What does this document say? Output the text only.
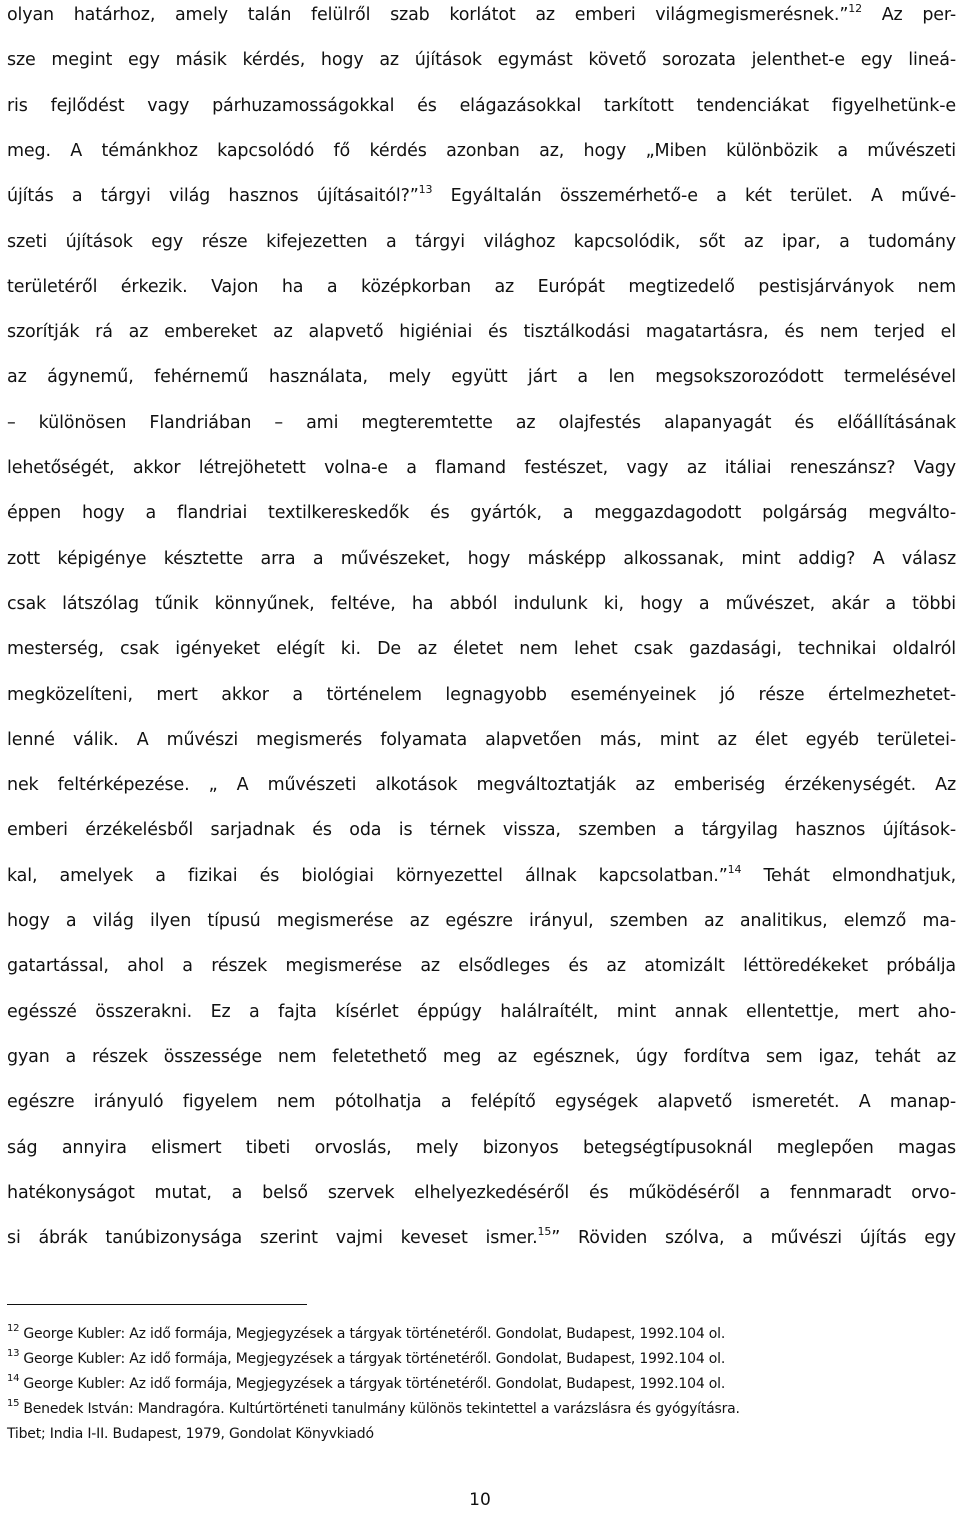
olyan határhoz, amely talán felülről szab korlátot az emberi világmegismerésnek.”$^{12}$ Az per-
sze megint egy másik kérdés, hogy az újítások egymást követő sorozata jelenthet-e egy lineá-
ris fejlődést vagy párhuzamosságokkal és elágazásokkal tarkított tendenciákat figyelhetünk-e
meg. A témánkhoz kapcsolódó fő kérdés azonban az, hogy „Miben különbözik a művészeti
újítás a tárgyi világ hasznos újításaitól?”$^{13}$ Egyáltalán összemérhető-e a két terület. A művé-
szeti újítások egy része kifejezetten a tárgyi világhoz kapcsolódik, sőt az ipar, a tudomány
területéről érkezik. Vajon ha a középkorban az Európát megtizedelő pestisjárványok nem
szorítják rá az embereket az alapvető higiéniai és tisztálkodási magatartásra, és nem terjed el
az ágynemű, fehérnemű használata, mely együtt járt a len megsokszorozódott termelésével
– különösen Flandriában – ami megteremtette az olajfestés alapanyagát és előállításának
lehetőségét, akkor létrejöhetett volna-e a flamand festészet, vagy az itáliai reneszánsz? Vagy
éppen hogy a flandriai textilkereskedők és gyártók, a meggazdagodott polgárság megválto-
zott képigénye késztette arra a művészeket, hogy másképp alkossanak, mint addig? A válasz
csak látszólag tűnik könnyűnek, feltéve, ha abból indulunk ki, hogy a művészet, akár a többi
mesterség, csak igényeket elégít ki. De az életet nem lehet csak gazdasági, technikai oldalról
megközelíteni, mert akkor a történelem legnagyobb eseményeinek jó része értelmezhetet-
lenné válik. A művészi megismerés folyamata alapvetően más, mint az élet egyéb területei-
nek feltérképezése. „ A művészeti alkotások megváltoztatják az emberiség érzékenységét. Az
emberi érzékelésből sarjadnak és oda is térnek vissza, szemben a tárgyilag hasznos újítások-
kal, amelyek a fizikai és biológiai környezettel állnak kapcsolatban.”$^{14}$ Tehát elmondhatjuk,
hogy a világ ilyen típusú megismerése az egészre irányul, szemben az analitikus, elemző ma-
gatartással, ahol a részek megismerése az elsődleges és az atomizált léttöredékeket próbálja
egésszé összerakni. Ez a fajta kísérlet éppúgy halálraítélt, mint annak ellentettje, mert aho-
gyan a részek összessége nem feletethető meg az egésznek, úgy fordítva sem igaz, tehát az
egészre irányuló figyelem nem pótolhatja a felépítő egységek alapvető ismeretét. A manap-
ság annyira elismert tibeti orvoslás, mely bizonyos betegségtípusoknál meglepően magas
hatékonyságot mutat, a belső szervek elhelyezkedéséről és működéséről a fennmaradt orvo-
si ábrák tanúbizonysága szerint vajmi keveset ismer.$^{15}$” Röviden szólva, a művészi újítás egy
$^{12}$ George Kubler: Az idő formája, Megjegyzések a tárgyak történetéről. Gondolat, Budapest, 1992.104 ol.
$^{13}$ George Kubler: Az idő formája, Megjegyzések a tárgyak történetéről. Gondolat, Budapest, 1992.104 ol.
$^{14}$ George Kubler: Az idő formája, Megjegyzések a tárgyak történetéről. Gondolat, Budapest, 1992.104 ol.
$^{15}$ Benedek István: Mandragóra. Kultúrtörténeti tanulmány különös tekintettel a varázslásra és gyógyításra.
Tibet; India I-II. Budapest, 1979, Gondolat Könyvkiadó
10
